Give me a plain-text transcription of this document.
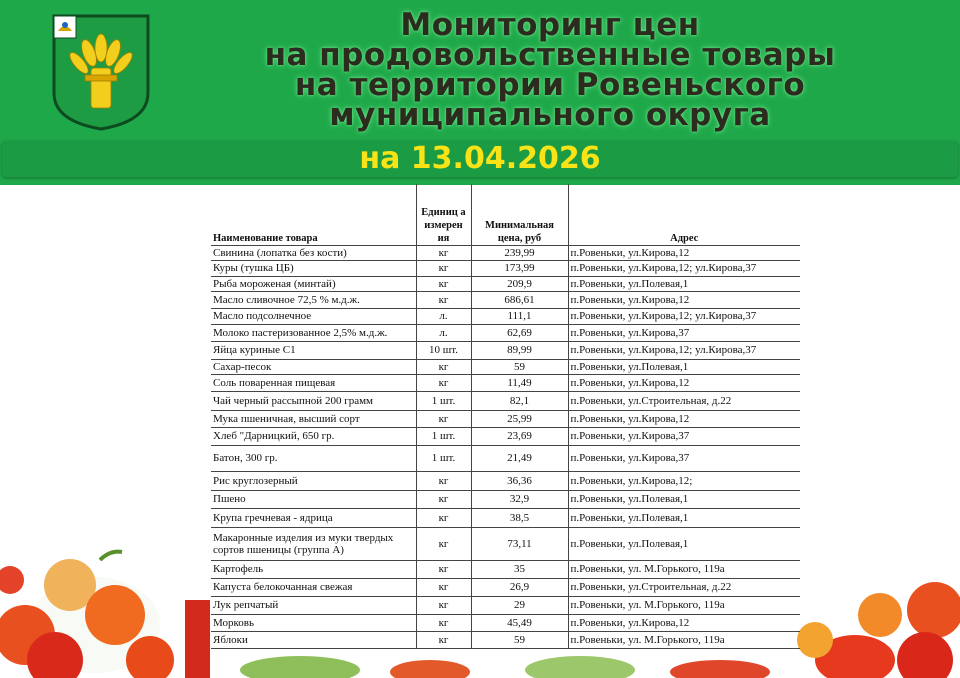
Мониторинг цен
на продовольственные товары
на территории Ровеньского
муниципального округа
на 13.04.2026
Наименование товара	Единиц а измерен ия	Минимальная цена, руб	Адрес
Свинина (лопатка без кости)	кг	239,99	п.Ровеньки, ул.Кирова,12
Куры (тушка ЦБ)	кг	173,99	п.Ровеньки, ул.Кирова,12; ул.Кирова,37
Рыба мороженая (минтай)	кг	209,9	п.Ровеньки, ул.Полевая,1
Масло сливочное 72,5 % м.д.ж.	кг	686,61	п.Ровеньки, ул.Кирова,12
Масло подсолнечное	л.	111,1	п.Ровеньки, ул.Кирова,12; ул.Кирова,37
Молоко пастеризованное 2,5% м.д.ж.	л.	62,69	п.Ровеньки, ул.Кирова,37
Яйца куриные С1	10 шт.	89,99	п.Ровеньки, ул.Кирова,12; ул.Кирова,37
Сахар-песок	кг	59	п.Ровеньки, ул.Полевая,1
Соль поваренная пищевая	кг	11,49	п.Ровеньки, ул.Кирова,12
Чай черный рассыпной 200 грамм	1 шт.	82,1	п.Ровеньки, ул.Строительная, д.22
Мука пшеничная, высший сорт	кг	25,99	п.Ровеньки, ул.Кирова,12
Хлеб "Дарницкий, 650 гр.	1 шт.	23,69	п.Ровеньки, ул.Кирова,37
Батон, 300 гр.	1 шт.	21,49	п.Ровеньки, ул.Кирова,37
Рис круглозерный	кг	36,36	п.Ровеньки, ул.Кирова,12;
Пшено	кг	32,9	п.Ровеньки, ул.Полевая,1
Крупа гречневая - ядрица	кг	38,5	п.Ровеньки, ул.Полевая,1
Макаронные изделия из муки твердых сортов пшеницы (группа А)	кг	73,11	п.Ровеньки, ул.Полевая,1
Картофель	кг	35	п.Ровеньки, ул. М.Горького, 119а
Капуста белокочанная свежая	кг	26,9	п.Ровеньки, ул.Строительная, д.22
Лук репчатый	кг	29	п.Ровеньки, ул. М.Горького, 119а
Морковь	кг	45,49	п.Ровеньки, ул.Кирова,12
Яблоки	кг	59	п.Ровеньки, ул. М.Горького, 119а
